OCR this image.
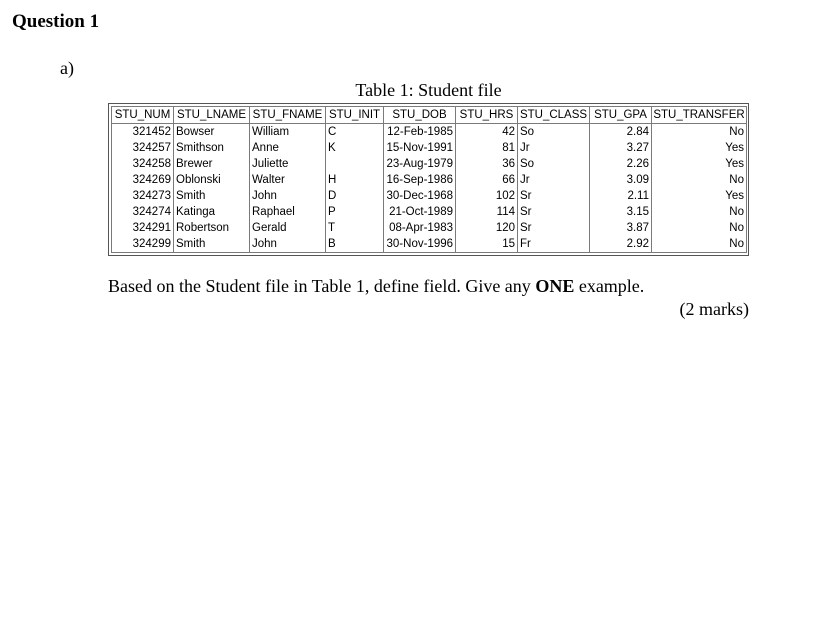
Question 1
a)
Table 1: Student file
STU_NUM	STU_LNAME	STU_FNAME	STU_INIT	STU_DOB	STU_HRS	STU_CLASS	STU_GPA	STU_TRANSFER
321452	Bowser	William	C	12-Feb-1985	42	So	2.84	No
324257	Smithson	Anne	K	15-Nov-1991	81	Jr	3.27	Yes
324258	Brewer	Juliette		23-Aug-1979	36	So	2.26	Yes
324269	Oblonski	Walter	H	16-Sep-1986	66	Jr	3.09	No
324273	Smith	John	D	30-Dec-1968	102	Sr	2.11	Yes
324274	Katinga	Raphael	P	21-Oct-1989	114	Sr	3.15	No
324291	Robertson	Gerald	T	08-Apr-1983	120	Sr	3.87	No
324299	Smith	John	B	30-Nov-1996	15	Fr	2.92	No
Based on the Student file in Table 1, define field. Give any ONE example.
(2 marks)
